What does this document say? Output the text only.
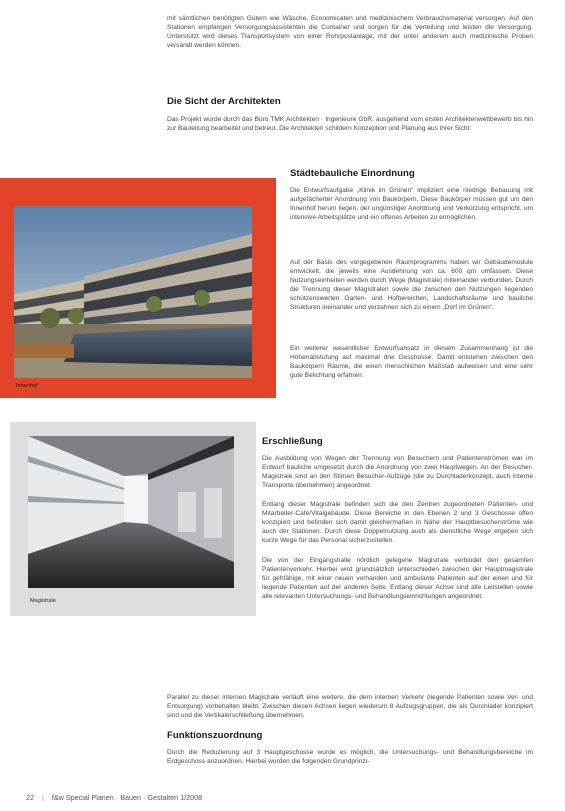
mit sämtlichen benötigten Gütern wie Wäsche, Economicaten und medizinischem Verbrauchsmaterial versorgen. Auf den Stationen empfangen Versorgungsassistenten die Container und sorgen für die Verteilung und leisten die Versorgung. Unterstützt wird dieses Transportsystem von einer Rohrpostanlage, mit der unter anderem auch medizinische Proben versandt werden können.

Die Sicht der Architekten

Das Projekt wurde durch das Büro TMK Architekten · Ingenieure GbR, ausgehend vom ersten Architektenwettbewerb bis hin zur Bauleitung bearbeitet und betreut. Die Architekten schildern Konzeption und Planung aus ihrer Sicht:

Innenhof
Städtebauliche Einordnung

Die Entwurfsaufgabe „Klinik im Grünen“ impliziert eine niedrige Bebauung mit aufgefächerter Anordnung von Baukörpern. Diese Baukörper müssen gut um den Innenhof herum liegen, der ungünstiger Anordnung und Verkürzung entspricht, um intensive Arbeitsplätze und ein offenes Arbeiten zu ermöglichen.

Auf der Basis des vorgegebenen Raumprogramms haben wir Gebäudemodule entwickelt, die jeweils eine Ausdehnung von ca. 600 qm umfassen. Diese Nutzungseinheiten werden durch Wege (Magistrale) miteinander verbunden. Durch die Trennung dieser Magistralen sowie die zwischen den Nutzungen liegenden schützenswerten Garten- und Hofbereichen, Landschaftsräume und bauliche Strukturen ineinander und verzahnen sich zu einem „Dorf im Grünen“.

Ein weiterer wesentlicher Entwurfsansatz in diesem Zusammenhang ist die Höhenabstufung auf maximal drei Geschosse. Damit entstehen zwischen den Baukörpern Räume, die einen menschlichen Maßstab aufweisen und eine sehr gute Belichtung erfahren.

Magistrale
Erschließung

Die Ausbildung von Wegen der Trennung von Besuchern und Patientenströmen war im Entwurf bauliche umgesetzt durch die Anordnung von zwei Hauptwegen. An der Besucher-Magistrale sind an den Stirnen Besucher-Aufzüge (die zu Durchladerkonzept, auch interne Transporte übernehmen) angeordnet.

Entlang dieser Magistrale befinden sich die den Zentren zugeordneten Patienten- und Mitarbeiter-Café/Vitalgebäude. Diese Bereiche in den Ebenen 2 und 3 Geschosse offen konzipiert und befinden sich damit gleichermaßen in Nähe der Hauptbesucherströme wie auch der Stationen. Durch diese Doppelnutzung auch als dienstliche Wege ergeben sich kurze Wege für das Personal sicherzustellen.

Die von der Eingangshalle nördlich gelegene Magistrale verbindet den gesamten Patientenverkehr. Hierbei wird grundsätzlich unterschieden zwischen der Hauptmagistrale für gehfähige, mit einer neuen vorhanden und ambulante Patienten auf der einen und für liegende Patienten auf der anderen Seite. Entlang dieser Achse sind alle Leitstellen sowie alle relevanten Untersuchungs- und Behandlungseinrichtungen angeordnet.

Parallel zu dieser internen Magistrale verläuft eine weitere, die dem internen Verkehr (liegende Patienten sowie Ver- und Entsorgung) vorbehalten bleibt. Zwischen diesen Achsen liegen wiederum 8 Aufzugsgruppen, die als Durchlader konzipiert sind und die Vertikalerschließung übernehmen.

Funktionszuordnung

Durch die Reduzierung auf 3 Hauptgeschosse wurde es möglich, die Untersuchungs- und Behandlungsbereiche im Erdgeschoss anzuordnen. Hierbei wurden die folgenden Grundprinzi-

22 | f&w Special Planen · Bauen · Gestalten 1/2008
